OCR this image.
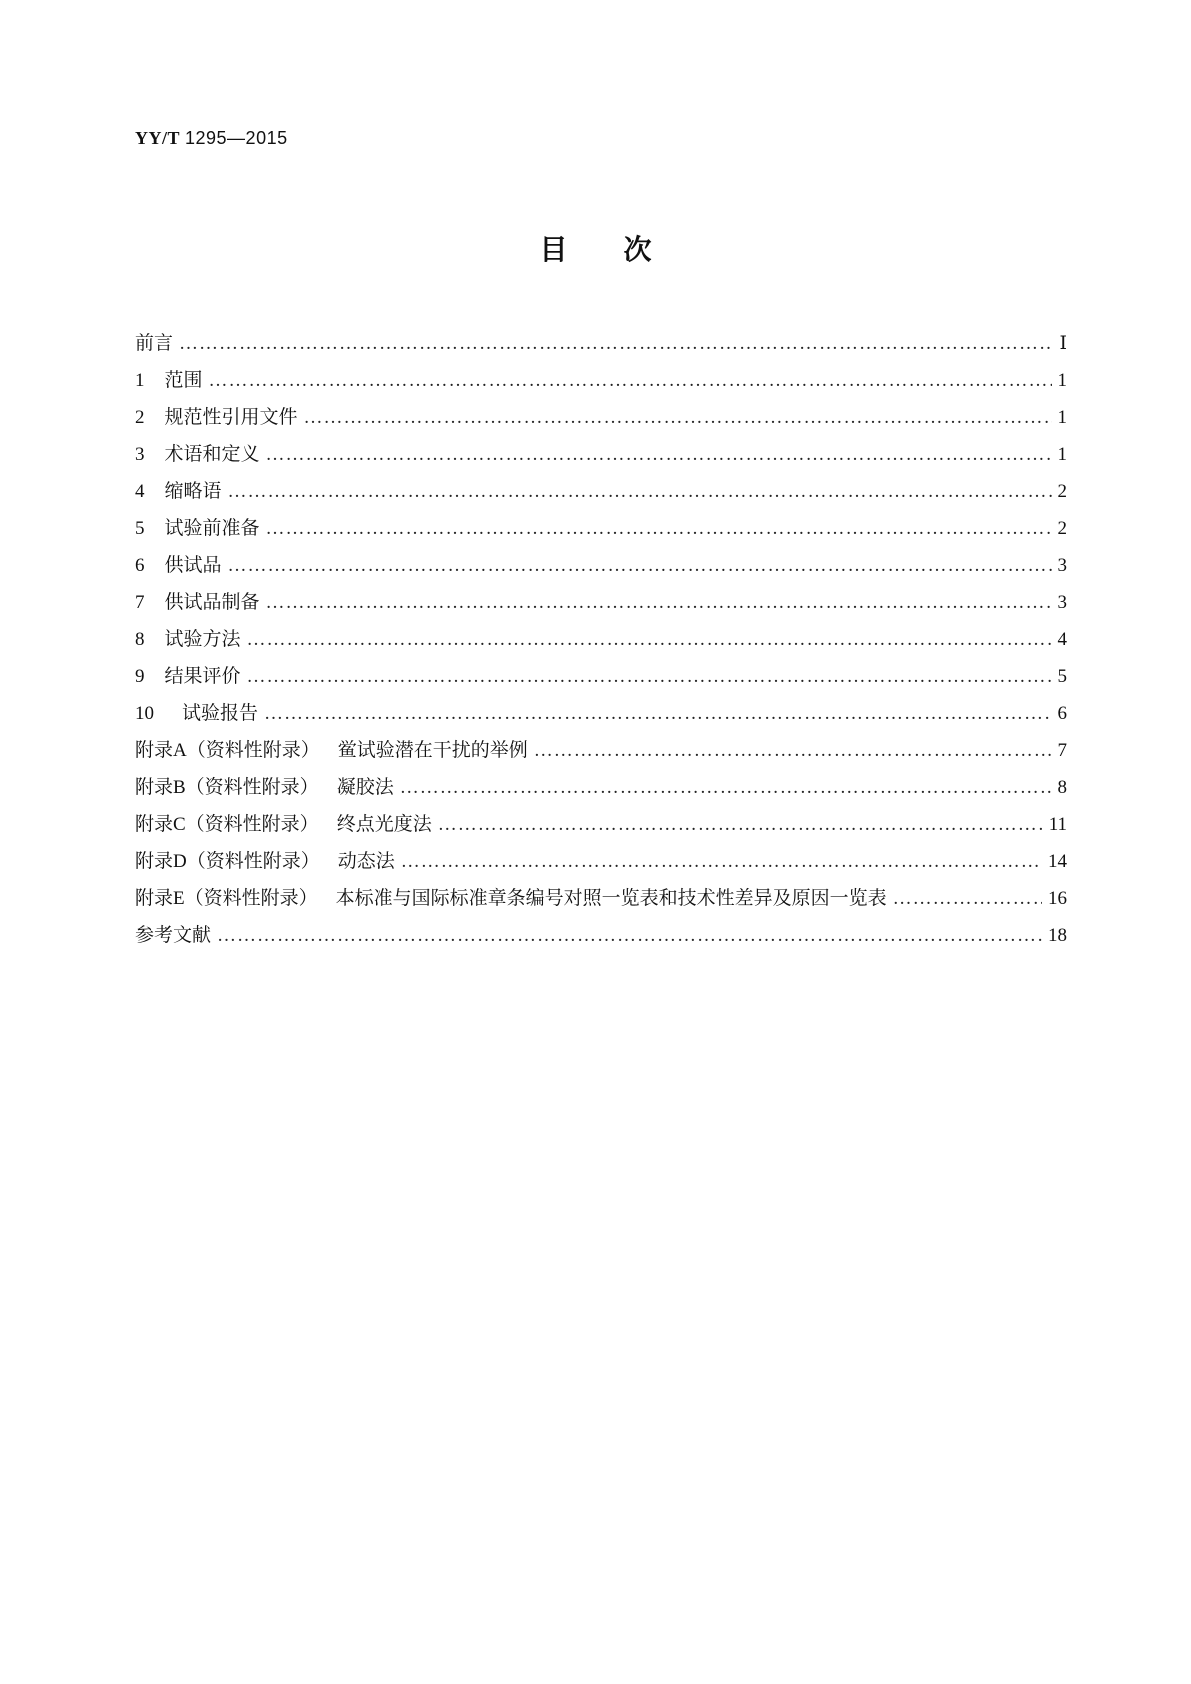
YY/T 1295—2015
目次
前言 ……………………………………………………………………………………………………………………………………………………………………………………………………………………	Ⅰ
1 范围 ……………………………………………………………………………………………………………………………………………………………………………………………………………………	1
2 规范性引用文件 ……………………………………………………………………………………………………………………………………………………………………………………………………………………	1
3 术语和定义 ……………………………………………………………………………………………………………………………………………………………………………………………………………………	1
4 缩略语 ……………………………………………………………………………………………………………………………………………………………………………………………………………………	2
5 试验前准备 ……………………………………………………………………………………………………………………………………………………………………………………………………………………	2
6 供试品 ……………………………………………………………………………………………………………………………………………………………………………………………………………………	3
7 供试品制备 ……………………………………………………………………………………………………………………………………………………………………………………………………………………	3
8 试验方法 ……………………………………………………………………………………………………………………………………………………………………………………………………………………	4
9 结果评价 ……………………………………………………………………………………………………………………………………………………………………………………………………………………	5
10 试验报告 ……………………………………………………………………………………………………………………………………………………………………………………………………………………	6
附录A（资料性附录） 鲎试验潜在干扰的举例 ……………………………………………………………………………………………………………………………………………………………………………………………………………………	7
附录B（资料性附录） 凝胶法 ……………………………………………………………………………………………………………………………………………………………………………………………………………………	8
附录C（资料性附录） 终点光度法 ……………………………………………………………………………………………………………………………………………………………………………………………………………………	11
附录D（资料性附录） 动态法 ……………………………………………………………………………………………………………………………………………………………………………………………………………………	14
附录E（资料性附录） 本标准与国际标准章条编号对照一览表和技术性差异及原因一览表 ……………………………………………………………………………………………………………………………………………………………………………………………………………………	16
参考文献 ……………………………………………………………………………………………………………………………………………………………………………………………………………………	18
